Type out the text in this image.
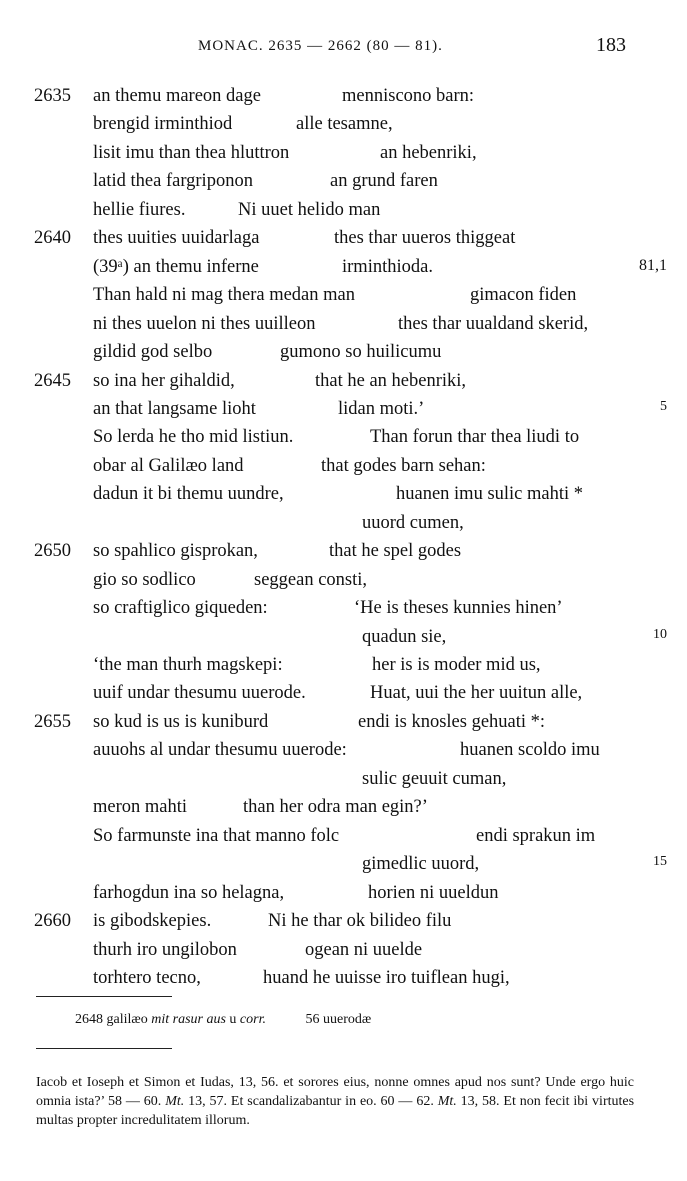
MONAC. 2635 — 2662 (80 — 81).	183
2635 an themu mareon dage	menniscono barn:
brengid irminthiod	alle tesamne,
lisit imu than thea hluttron	an hebenriki,
latid thea fargriponon	an grund faren
hellie fiures.	Ni uuet helido man
2640 thes uuities uuidarlaga	thes thar uueros thiggeat
(39ᵃ) an themu inferne	irminthioda.	81,1
Than hald ni mag thera medan man	gimacon fiden
ni thes uuelon ni thes uuilleon	thes thar uualdand skerid,
gildid god selbo	gumono so huilicumu
2645 so ina her gihaldid,	that he an hebenriki,
an that langsame lioht	lidan moti.’	5
So lerda he tho mid listiun.	Than forun thar thea liudi to
obar al Galilæo land	that godes barn sehan:
dadun it bi themu uundre,	huanen imu sulic mahti *
uuord cumen,
2650 so spahlico gisprokan,	that he spel godes
gio so sodlico	seggean consti,
so craftiglico giqueden:	‘He is theses kunnies hinen’
quadun sie,	10
‘the man thurh magskepi:	her is is moder mid us,
uuif undar thesumu uuerode.	Huat, uui the her uuitun alle,
2655 so kud is us is kuniburd	endi is knosles gehuati *:
auuohs al undar thesumu uuerode:	huanen scoldo imu
sulic geuuit cuman,
meron mahti	than her odra man egin?’
So farmunste ina that manno folc	endi sprakun im
gimedlic uuord,	15
farhogdun ina so helagna,	horien ni uueldun
2660 is gibodskepies.	Ni he thar ok bilideo filu
thurh iro ungilobon	ogean ni uuelde
torhtero tecno,	huand he uuisse iro tuiflean hugi,
2648 galilæo mit rasur aus u corr.	56 uuerodæ
Iacob et Ioseph et Simon et Iudas, 13, 56. et sorores eius, nonne omnes apud nos sunt? Unde ergo huic omnia ista?’ 58 — 60. Mt. 13, 57. Et scandalizabantur in eo. 60 — 62. Mt. 13, 58. Et non fecit ibi virtutes multas propter incredulitatem illorum.
